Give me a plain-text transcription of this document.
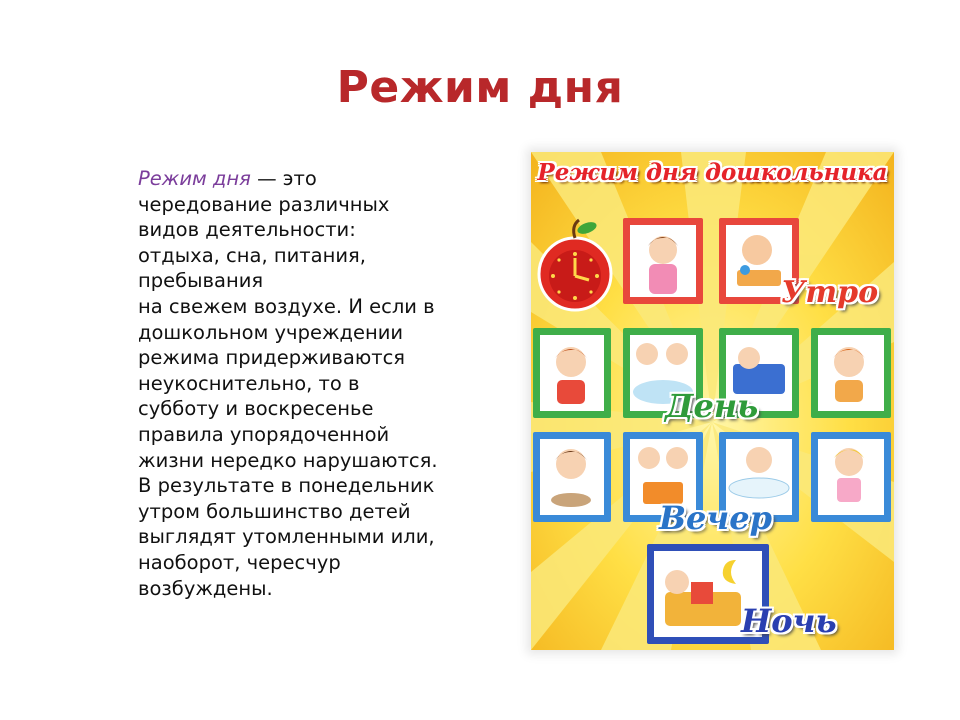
Режим дня
Режим дня — это
чередование различных
видов деятельности:
отдыха, сна, питания,
пребывания
на свежем воздухе. И если в
дошкольном учреждении
режима придерживаются
неукоснительно, то в
субботу и воскресенье
правила упорядоченной
жизни нередко нарушаются.
В результате в понедельник
утром большинство детей
выглядят утомленными или,
наоборот, чересчур
возбуждены.
Режим дня дошкольника
Утро
День
Вечер
Ночь
